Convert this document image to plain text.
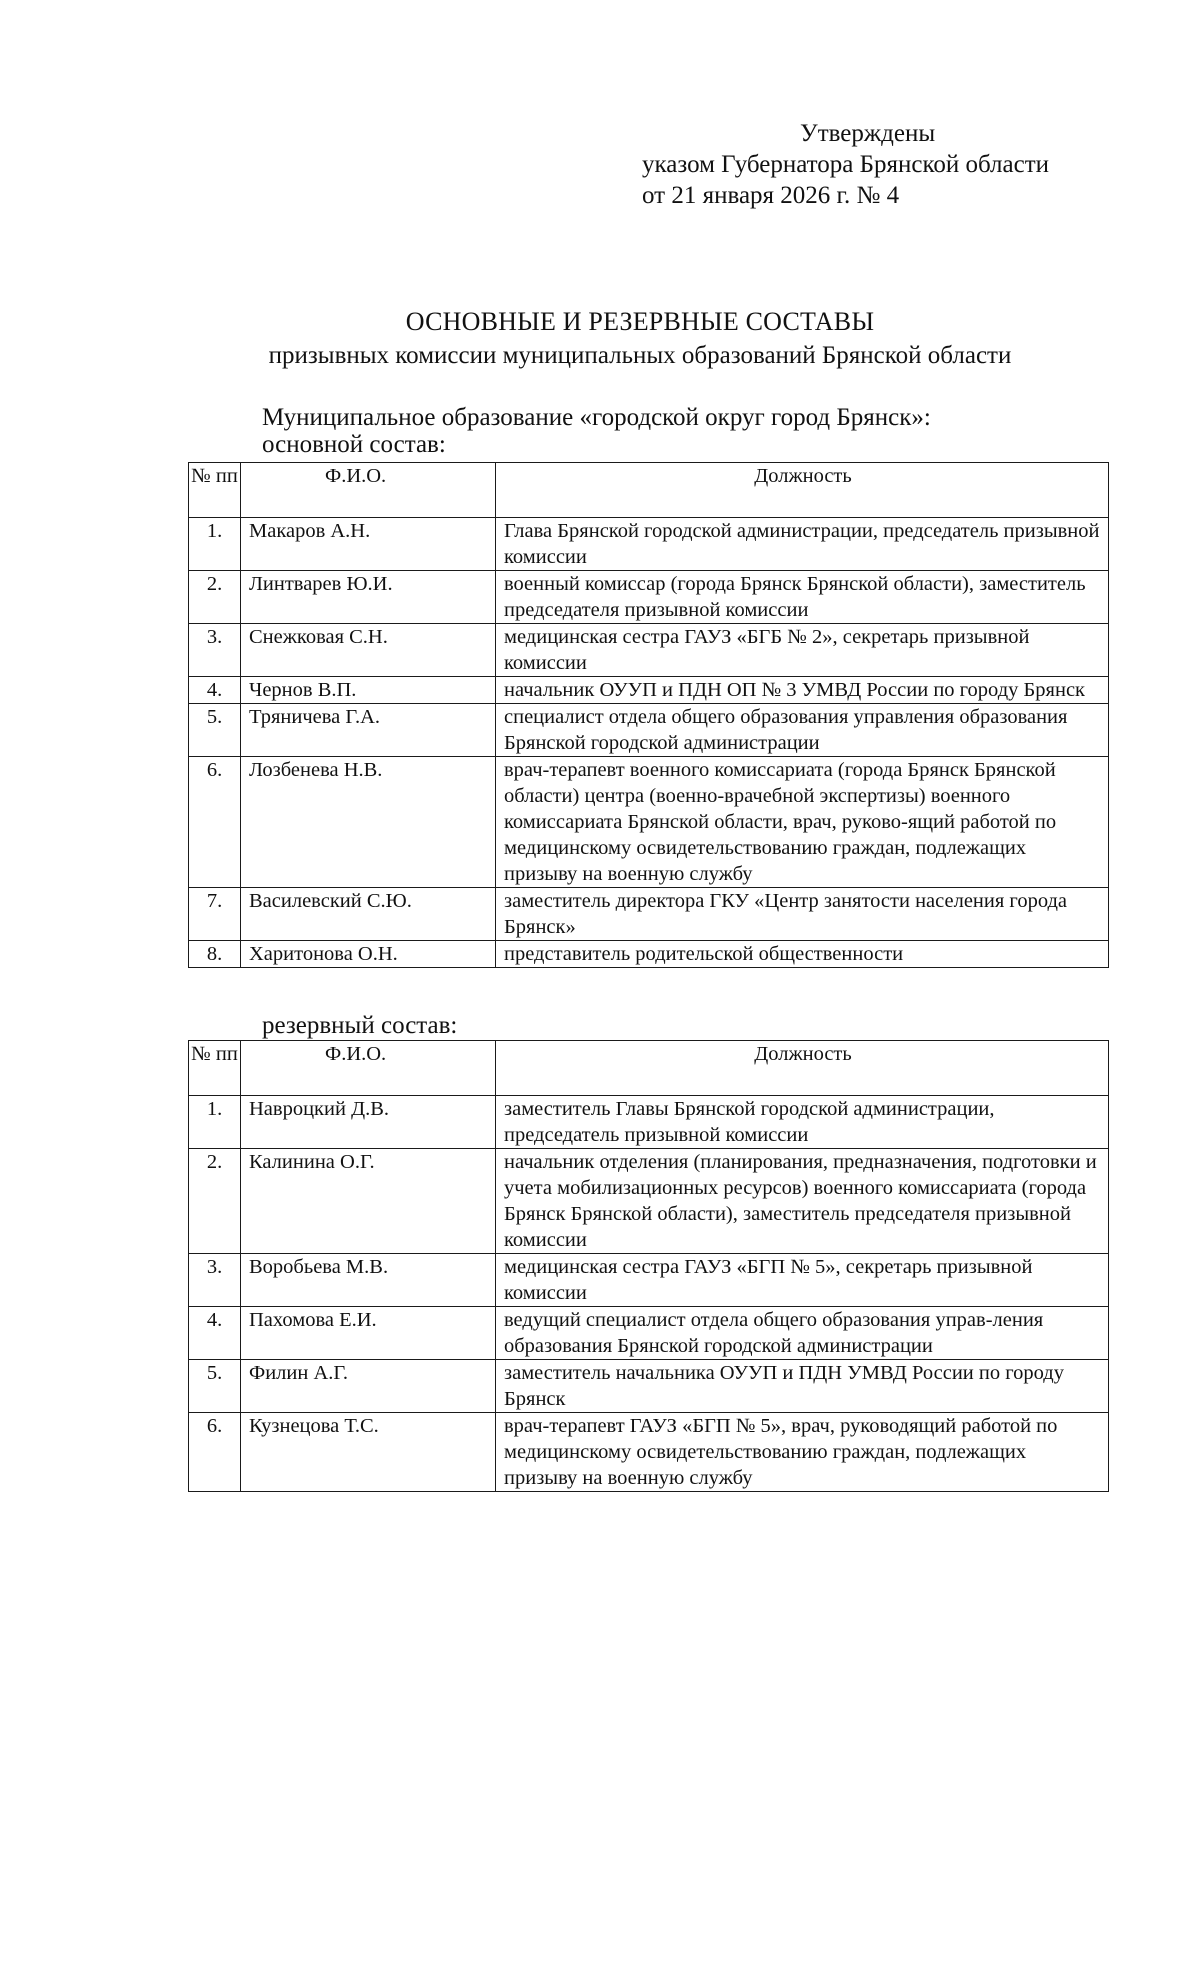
Утверждены
указом Губернатора Брянской области
от 21 января 2026 г. № 4
ОСНОВНЫЕ И РЕЗЕРВНЫЕ СОСТАВЫ
призывных комиссии муниципальных образований Брянской области
Муниципальное образование «городской округ город Брянск»:
основной состав:
№ пп	Ф.И.О.	Должность
1.	Макаров А.Н.	Глава Брянской городской администрации, председатель призывной комиссии
2.	Линтварев Ю.И.	военный комиссар (города Брянск Брянской области), заместитель председателя призывной комиссии
3.	Снежковая С.Н.	медицинская сестра ГАУЗ «БГБ № 2», секретарь призывной комиссии
4.	Чернов В.П.	начальник ОУУП и ПДН ОП № 3 УМВД России по городу Брянск
5.	Тряничева Г.А.	специалист отдела общего образования управления образования Брянской городской администрации
6.	Лозбенева Н.В.	врач-терапевт военного комиссариата (города Брянск Брянской области) центра (военно-врачебной экспертизы) военного комиссариата Брянской области, врач, руково-ящий работой по медицинскому освидетельствованию граждан, подлежащих призыву на военную службу
7.	Василевский С.Ю.	заместитель директора ГКУ «Центр занятости населения города Брянск»
8.	Харитонова О.Н.	представитель родительской общественности
резервный состав:
№ пп	Ф.И.О.	Должность
1.	Навроцкий Д.В.	заместитель Главы Брянской городской администрации, председатель призывной комиссии
2.	Калинина О.Г.	начальник отделения (планирования, предназначения, подготовки и учета мобилизационных ресурсов) военного комиссариата (города Брянск Брянской области), заместитель председателя призывной комиссии
3.	Воробьева М.В.	медицинская сестра ГАУЗ «БГП № 5», секретарь призывной комиссии
4.	Пахомова Е.И.	ведущий специалист отдела общего образования управ-ления образования Брянской городской администрации
5.	Филин А.Г.	заместитель начальника ОУУП и ПДН УМВД России по городу Брянск
6.	Кузнецова Т.С.	врач-терапевт ГАУЗ «БГП № 5», врач, руководящий работой по медицинскому освидетельствованию граждан, подлежащих призыву на военную службу
